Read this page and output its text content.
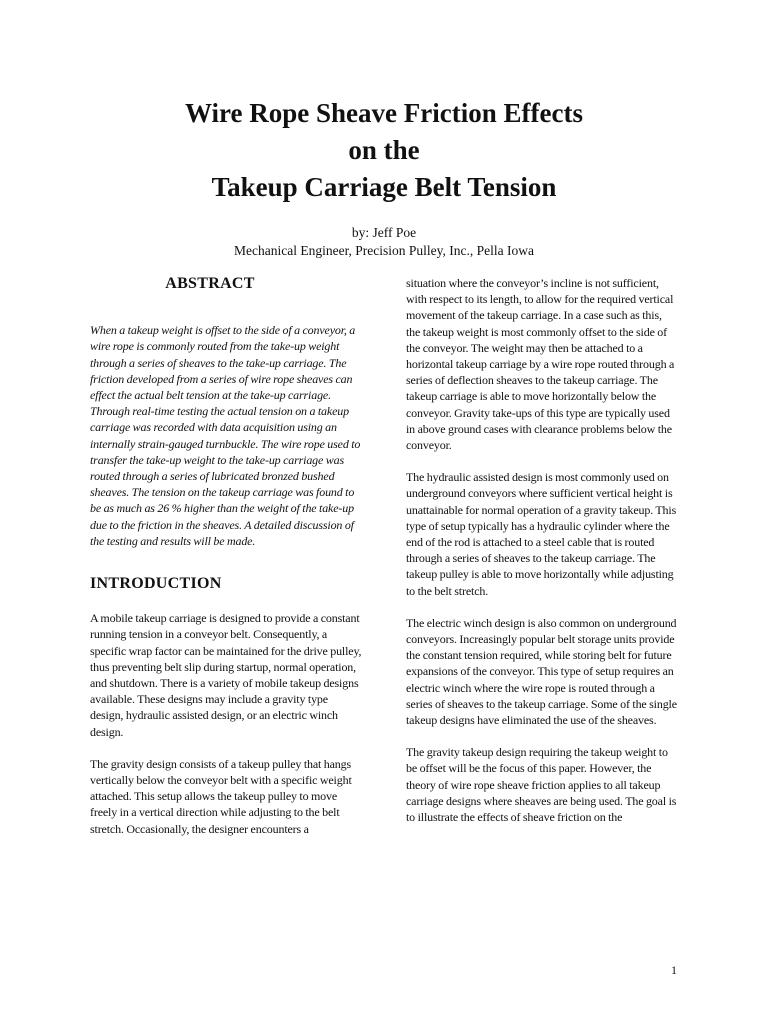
Wire Rope Sheave Friction Effects
on the
Takeup Carriage Belt Tension
by: Jeff Poe
Mechanical Engineer, Precision Pulley, Inc., Pella Iowa
ABSTRACT

When a takeup weight is offset to the side of a conveyor, a wire rope is commonly routed from the take-up weight through a series of sheaves to the take-up carriage. The friction developed from a series of wire rope sheaves can effect the actual belt tension at the take-up carriage. Through real-time testing the actual tension on a takeup carriage was recorded with data acquisition using an internally strain-gauged turnbuckle. The wire rope used to transfer the take-up weight to the take-up carriage was routed through a series of lubricated bronzed bushed sheaves. The tension on the takeup carriage was found to be as much as 26 % higher than the weight of the take-up due to the friction in the sheaves. A detailed discussion of the testing and results will be made.

INTRODUCTION

A mobile takeup carriage is designed to provide a constant running tension in a conveyor belt. Consequently, a specific wrap factor can be maintained for the drive pulley, thus preventing belt slip during startup, normal operation, and shutdown. There is a variety of mobile takeup designs available. These designs may include a gravity type design, hydraulic assisted design, or an electric winch design.

The gravity design consists of a takeup pulley that hangs vertically below the conveyor belt with a specific weight attached. This setup allows the takeup pulley to move freely in a vertical direction while adjusting to the belt stretch. Occasionally, the designer encounters a

situation where the conveyor’s incline is not sufficient, with respect to its length, to allow for the required vertical movement of the takeup carriage. In a case such as this, the takeup weight is most commonly offset to the side of the conveyor. The weight may then be attached to a horizontal takeup carriage by a wire rope routed through a series of deflection sheaves to the takeup carriage. The takeup carriage is able to move horizontally below the conveyor. Gravity take-ups of this type are typically used in above ground cases with clearance problems below the conveyor.

The hydraulic assisted design is most commonly used on underground conveyors where sufficient vertical height is unattainable for normal operation of a gravity takeup. This type of setup typically has a hydraulic cylinder where the end of the rod is attached to a steel cable that is routed through a series of sheaves to the takeup carriage. The takeup pulley is able to move horizontally while adjusting to the belt stretch.

The electric winch design is also common on underground conveyors. Increasingly popular belt storage units provide the constant tension required, while storing belt for future expansions of the conveyor. This type of setup requires an electric winch where the wire rope is routed through a series of sheaves to the takeup carriage. Some of the single takeup designs have eliminated the use of the sheaves.

The gravity takeup design requiring the takeup weight to be offset will be the focus of this paper. However, the theory of wire rope sheave friction applies to all takeup carriage designs where sheaves are being used. The goal is to illustrate the effects of sheave friction on the

1
